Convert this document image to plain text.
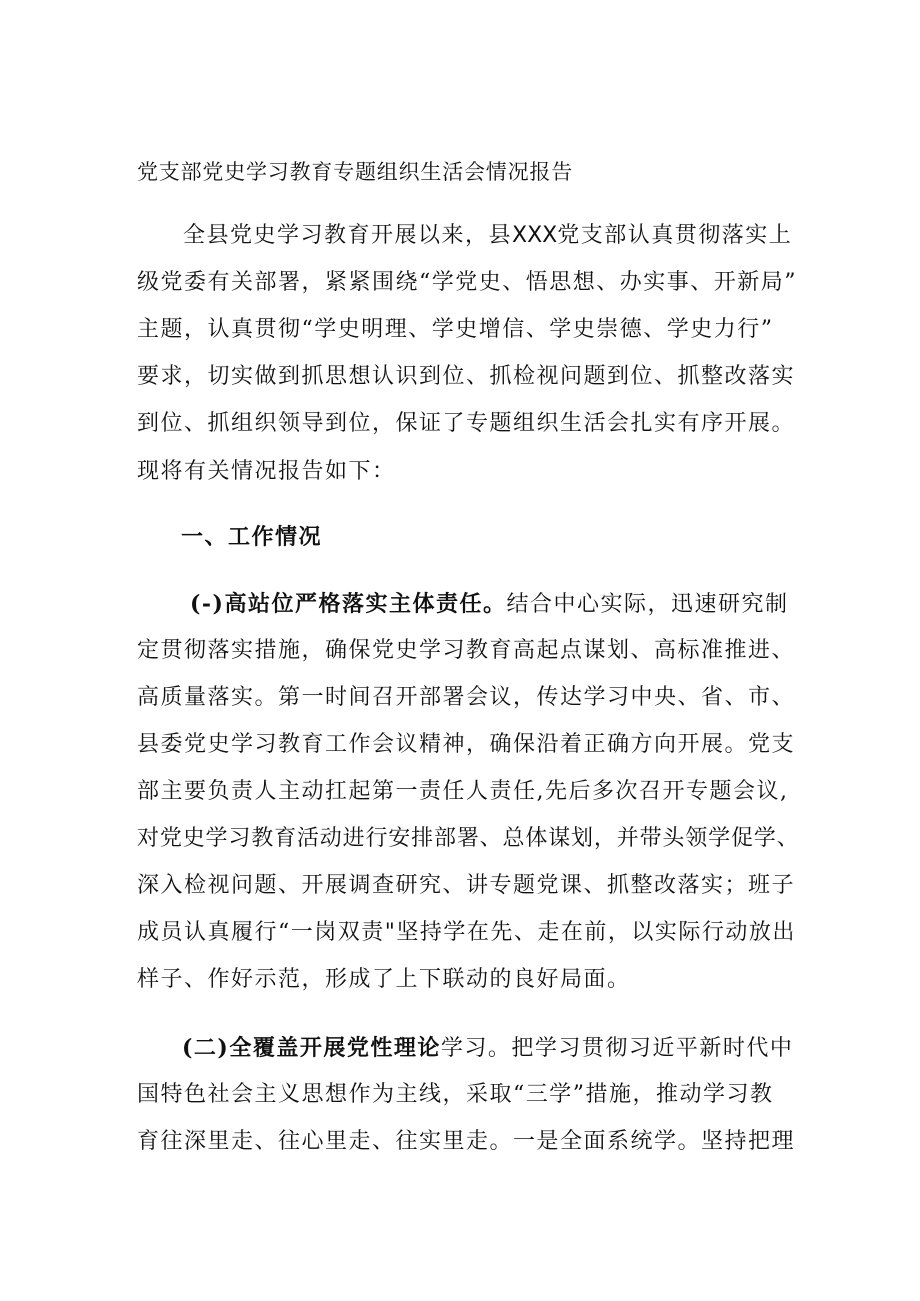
党支部党史学习教育专题组织生活会情况报告
全县党史学习教育开展以来，县XXX党支部认真贯彻落实上
级党委有关部署，紧紧围绕“学党史、悟思想、办实事、开新局”
主题，认真贯彻“学史明理、学史增信、学史崇德、学史力行”
要求，切实做到抓思想认识到位、抓检视问题到位、抓整改落实
到位、抓组织领导到位，保证了专题组织生活会扎实有序开展。
现将有关情况报告如下：
一、工作情况
(-)高站位严格落实主体责任。结合中心实际，迅速研究制
定贯彻落实措施，确保党史学习教育高起点谋划、高标准推进、
高质量落实。第一时间召开部署会议，传达学习中央、省、市、
县委党史学习教育工作会议精神，确保沿着正确方向开展。党支
部主要负责人主动扛起第一责任人责任,先后多次召开专题会议,
对党史学习教育活动进行安排部署、总体谋划，并带头领学促学、
深入检视问题、开展调查研究、讲专题党课、抓整改落实；班子
成员认真履行“一岗双责"坚持学在先、走在前，以实际行动放出
样子、作好示范，形成了上下联动的良好局面。
(二)全覆盖开展党性理论学习。把学习贯彻习近平新时代中
国特色社会主义思想作为主线，采取“三学”措施，推动学习教
育往深里走、往心里走、往实里走。一是全面系统学。坚持把理
